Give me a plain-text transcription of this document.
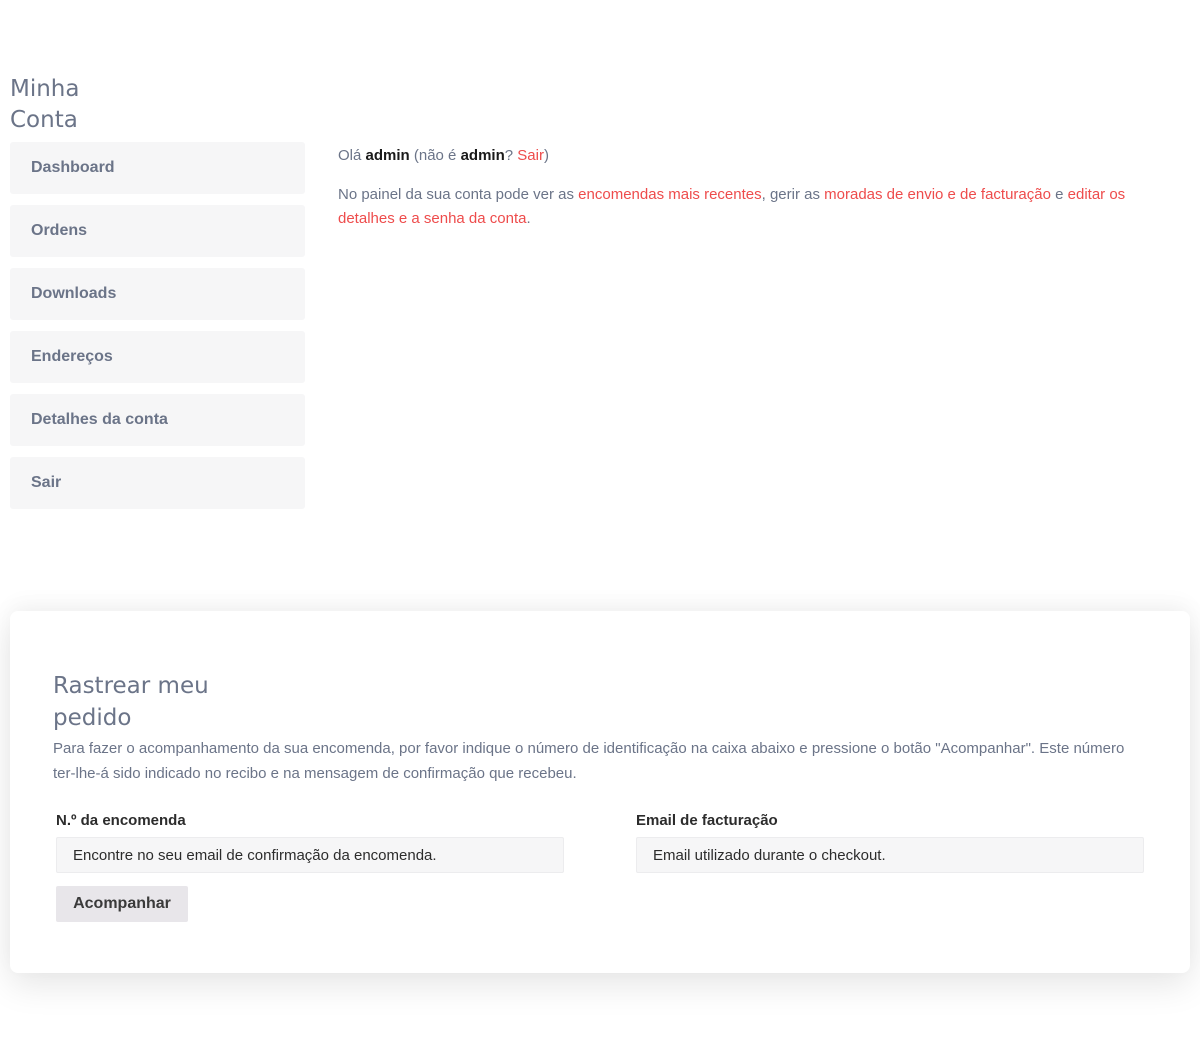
Minha Conta
Dashboard
Ordens
Downloads
Endereços
Detalhes da conta
Sair

Olá admin (não é admin? Sair)

No painel da sua conta pode ver as encomendas mais recentes, gerir as moradas de envio e de facturação e editar os detalhes e a senha da conta.

Rastrear meu pedido

Para fazer o acompanhamento da sua encomenda, por favor indique o número de identificação na caixa abaixo e pressione o botão "Acompanhar". Este número ter-lhe-á sido indicado no recibo e na mensagem de confirmação que recebeu.

N.º da encomenda
Encontre no seu email de confirmação da encomenda.	Email de facturação
Email utilizado durante o checkout.
Acompanhar
